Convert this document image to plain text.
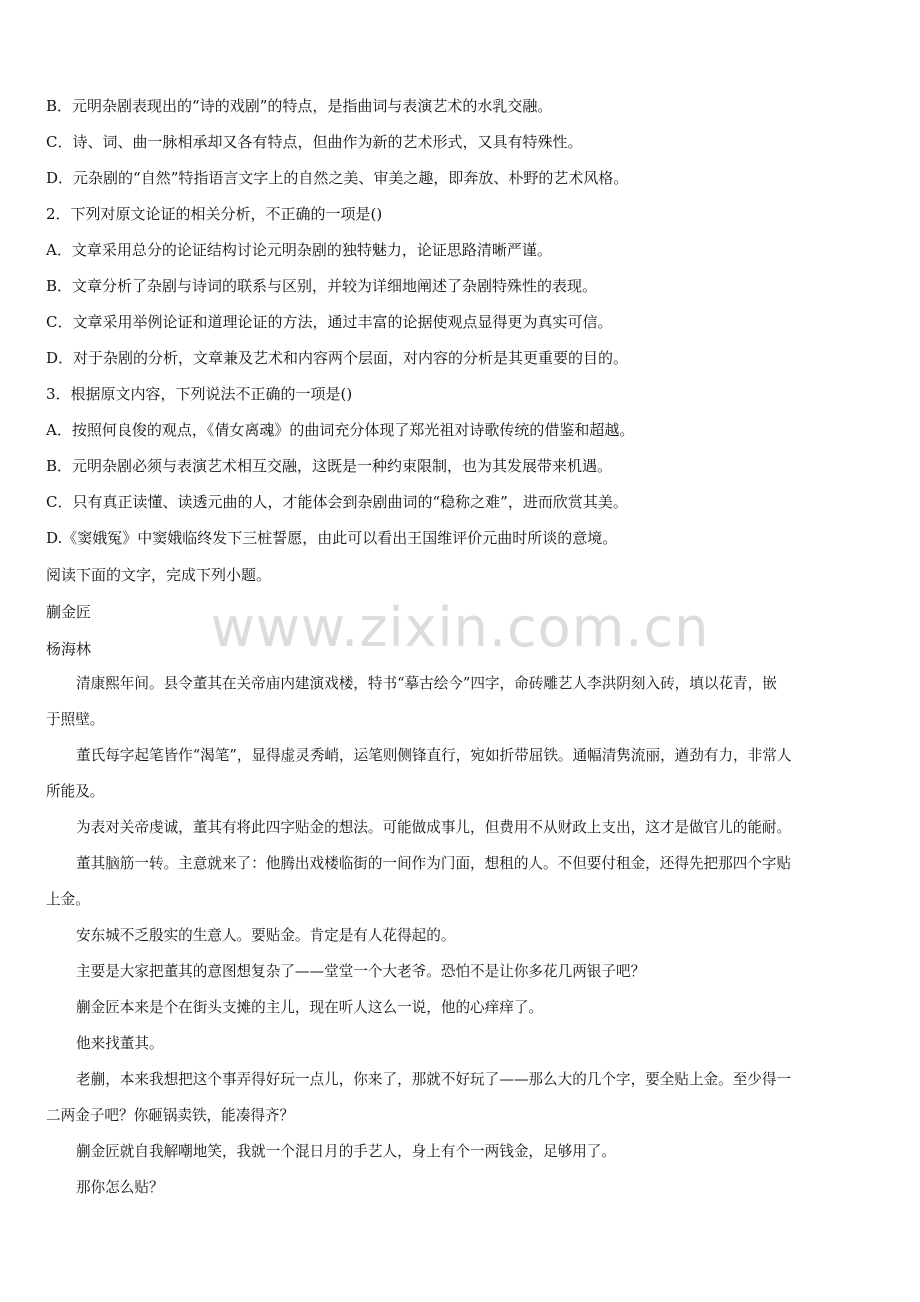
www.zixin.com.cn
B．元明杂剧表现出的“诗的戏剧”的特点，是指曲词与表演艺术的水乳交融。
C．诗、词、曲一脉相承却又各有特点，但曲作为新的艺术形式，又具有特殊性。
D．元杂剧的“自然”特指语言文字上的自然之美、审美之趣，即奔放、朴野的艺术风格。
2．下列对原文论证的相关分析，不正确的一项是()
A．文章采用总分的论证结构讨论元明杂剧的独特魅力，论证思路清晰严谨。
B．文章分析了杂剧与诗词的联系与区别，并较为详细地阐述了杂剧特殊性的表现。
C．文章采用举例论证和道理论证的方法，通过丰富的论据使观点显得更为真实可信。
D．对于杂剧的分析，文章兼及艺术和内容两个层面，对内容的分析是其更重要的目的。
3．根据原文内容，下列说法不正确的一项是()
A．按照何良俊的观点，《倩女离魂》的曲词充分体现了郑光祖对诗歌传统的借鉴和超越。
B．元明杂剧必须与表演艺术相互交融，这既是一种约束限制，也为其发展带来机遇。
C．只有真正读懂、读透元曲的人，才能体会到杂剧曲词的“稳称之难”，进而欣赏其美。
D.《窦娥冤》中窦娥临终发下三桩誓愿，由此可以看出王国维评价元曲时所谈的意境。
阅读下面的文字，完成下列小题。
蒯金匠
杨海林
清康熙年间。县令董其在关帝庙内建演戏楼，特书“摹古绘今”四字，命砖雕艺人李洪阴刻入砖，填以花青，嵌
于照壁。
董氏每字起笔皆作“渴笔”，显得虚灵秀峭，运笔则侧锋直行，宛如折带屈铁。通幅清隽流丽，遒劲有力，非常人
所能及。
为表对关帝虔诚，董其有将此四字贴金的想法。可能做成事儿，但费用不从财政上支出，这才是做官儿的能耐。
董其脑筋一转。主意就来了：他腾出戏楼临街的一间作为门面，想租的人。不但要付租金，还得先把那四个字贴
上金。
安东城不乏殷实的生意人。要贴金。肯定是有人花得起的。
主要是大家把董其的意图想复杂了——堂堂一个大老爷。恐怕不是让你多花几两银子吧？
蒯金匠本来是个在街头支摊的主儿，现在听人这么一说，他的心痒痒了。
他来找董其。
老蒯，本来我想把这个事弄得好玩一点儿，你来了，那就不好玩了——那么大的几个字，要全贴上金。至少得一
二两金子吧？你砸锅卖铁，能凑得齐？
蒯金匠就自我解嘲地笑，我就一个混日月的手艺人，身上有个一两钱金，足够用了。
那你怎么贴？
